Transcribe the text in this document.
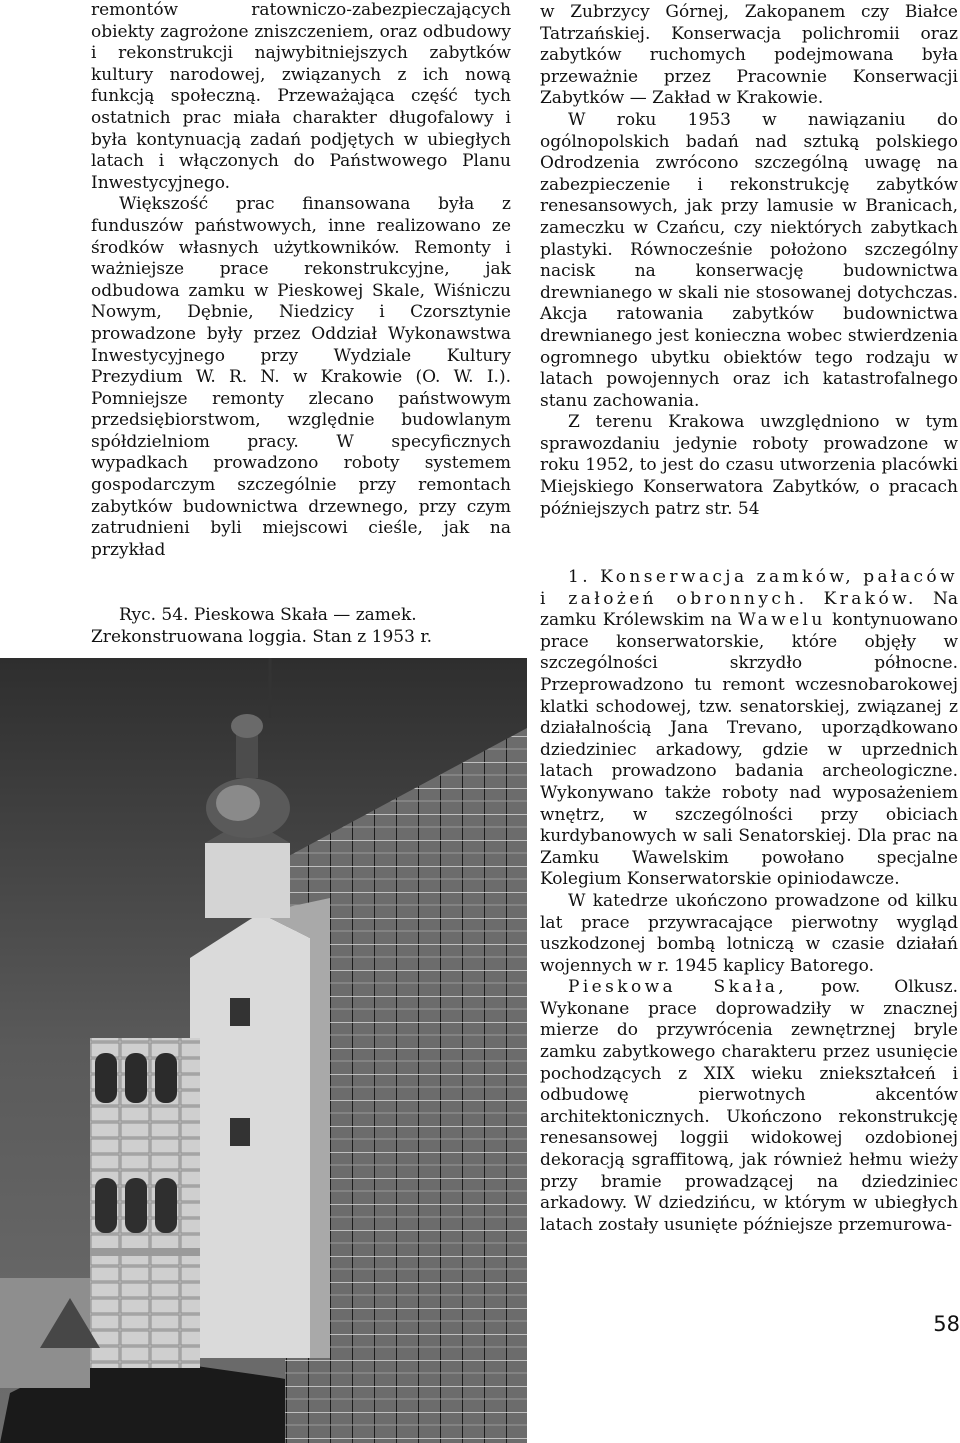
remontów ratowniczo-zabezpieczających obiekty zagrożone zniszczeniem, oraz odbudowy i rekonstrukcji najwybitniejszych zabytków kultury narodowej, związanych z ich nową funkcją społeczną. Przeważająca część tych ostatnich prac miała charakter długofalowy i była kontynuacją zadań podjętych w ubiegłych latach i włączonych do Państwowego Planu Inwestycyjnego.

Większość prac finansowana była z funduszów państwowych, inne realizowano ze środków własnych użytkowników. Remonty i ważniejsze prace rekonstrukcyjne, jak odbudowa zamku w Pieskowej Skale, Wiśniczu Nowym, Dębnie, Niedzicy i Czorsztynie prowadzone były przez Oddział Wykonawstwa Inwestycyjnego przy Wydziale Kultury Prezydium W. R. N. w Krakowie (O. W. I.). Pomniejsze remonty zlecano państwowym przedsiębiorstwom, względnie budowlanym spółdzielniom pracy. W specyficznych wypadkach prowadzono roboty systemem gospodarczym szczególnie przy remontach zabytków budownictwa drzewnego, przy czym zatrudnieni byli miejscowi cieśle, jak na przykład

Ryc. 54. Pieskowa Skała — zamek. Zrekonstruowana loggia. Stan z 1953 r.

w Zubrzycy Górnej, Zakopanem czy Białce Tatrzańskiej. Konserwacja polichromii oraz zabytków ruchomych podejmowana była przeważnie przez Pracownie Konserwacji Zabytków — Zakład w Krakowie.

W roku 1953 w nawiązaniu do ogólnopolskich badań nad sztuką polskiego Odrodzenia zwrócono szczególną uwagę na zabezpieczenie i rekonstrukcję zabytków renesansowych, jak przy lamusie w Branicach, zameczku w Czańcu, czy niektórych zabytkach plastyki. Równocześnie położono szczególny nacisk na konserwację budownictwa drewnianego w skali nie stosowanej dotychczas. Akcja ratowania zabytków budownictwa drewnianego jest konieczna wobec stwierdzenia ogromnego ubytku obiektów tego rodzaju w latach powojennych oraz ich katastrofalnego stanu zachowania.

Z terenu Krakowa uwzględniono w tym sprawozdaniu jedynie roboty prowadzone w roku 1952, to jest do czasu utworzenia placówki Miejskiego Konserwatora Zabytków, o pracach późniejszych patrz str. 54

1. Konserwacja zamków, pałaców i założeń obronnych. Kraków. Na zamku Królewskim na Wawelu kontynuowano prace konserwatorskie, które objęły w szczególności skrzydło północne. Przeprowadzono tu remont wczesnobarokowej klatki schodowej, tzw. senatorskiej, związanej z działalnością Jana Trevano, uporządkowano dziedziniec arkadowy, gdzie w uprzednich latach prowadzono badania archeologiczne. Wykonywano także roboty nad wyposażeniem wnętrz, w szczególności przy obiciach kurdybanowych w sali Senatorskiej. Dla prac na Zamku Wawelskim powołano specjalne Kolegium Konserwatorskie opiniodawcze.

W katedrze ukończono prowadzone od kilku lat prace przywracające pierwotny wygląd uszkodzonej bombą lotniczą w czasie działań wojennych w r. 1945 kaplicy Batorego.

Pieskowa Skała, pow. Olkusz. Wykonane prace doprowadziły w znacznej mierze do przywrócenia zewnętrznej bryle zamku zabytkowego charakteru przez usunięcie pochodzących z XIX wieku zniekształceń i odbudowę pierwotnych akcentów architektonicznych. Ukończono rekonstrukcję renesansowej loggii widokowej ozdobionej dekoracją sgraffitową, jak również hełmu wieży przy bramie prowadzącej na dziedziniec arkadowy. W dziedzińcu, w którym w ubiegłych latach zostały usunięte późniejsze przemurowa-

58
